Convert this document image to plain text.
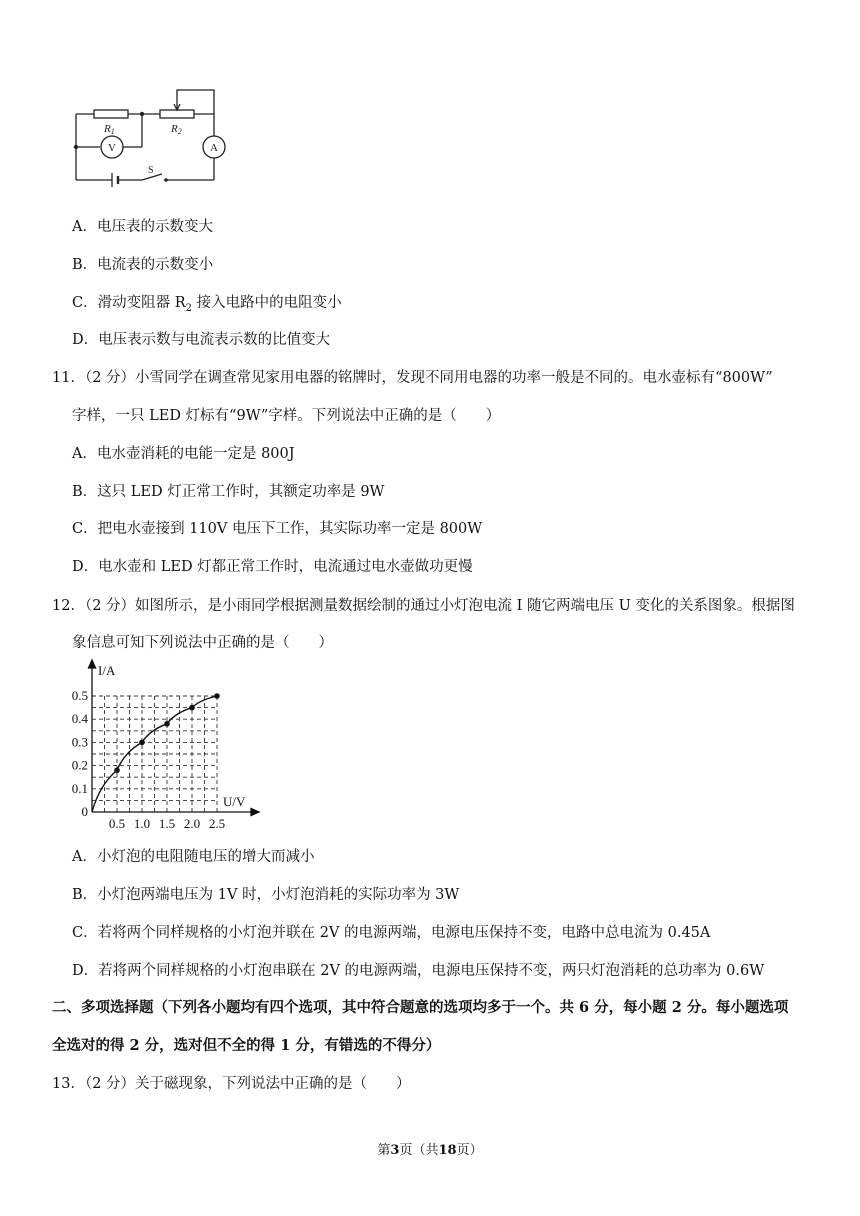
R1	R2
V	A
S
A．电压表的示数变大
B．电流表的示数变小
C．滑动变阻器 $R_2$ 接入电路中的电阻变小
D．电压表示数与电流表示数的比值变大
11．（2 分）小雪同学在调查常见家用电器的铭牌时，发现不同用电器的功率一般是不同的。电水壶标有“800W”
字样，一只 LED 灯标有“9W”字样。下列说法中正确的是（　　）
A．电水壶消耗的电能一定是 800J
B．这只 LED 灯正常工作时，其额定功率是 9W
C．把电水壶接到 110V 电压下工作，其实际功率一定是 800W
D．电水壶和 LED 灯都正常工作时，电流通过电水壶做功更慢
12．（2 分）如图所示，是小雨同学根据测量数据绘制的通过小灯泡电流 I 随它两端电压 U 变化的关系图象。根据图
象信息可知下列说法中正确的是（　　）
0.5 1.0 1.5 2.0 2.5
0.1
0.2
0.3
0.4
0.5
0
I/A
U/V
A．小灯泡的电阻随电压的增大而减小
B．小灯泡两端电压为 1V 时，小灯泡消耗的实际功率为 3W
C．若将两个同样规格的小灯泡并联在 2V 的电源两端，电源电压保持不变，电路中总电流为 0.45A
D．若将两个同样规格的小灯泡串联在 2V 的电源两端，电源电压保持不变，两只灯泡消耗的总功率为 0.6W
二、多项选择题（下列各小题均有四个选项，其中符合题意的选项均多于一个。共 6 分，每小题 2 分。每小题选项
全选对的得 2 分，选对但不全的得 1 分，有错选的不得分）
13．（2 分）关于磁现象，下列说法中正确的是（　　）
第3页（共18页）
